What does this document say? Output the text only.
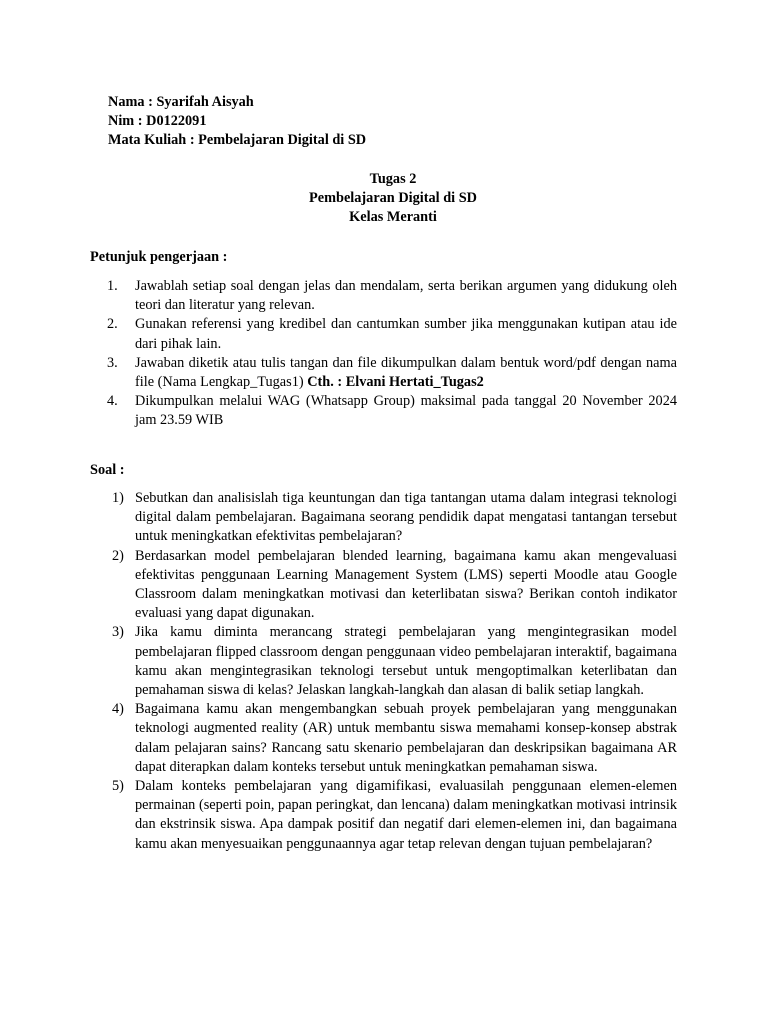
Nama : Syarifah Aisyah
Nim : D0122091
Mata Kuliah : Pembelajaran Digital di SD
Tugas 2
Pembelajaran Digital di SD
Kelas Meranti
Petunjuk pengerjaan :
1. Jawablah setiap soal dengan jelas dan mendalam, serta berikan argumen yang didukung oleh teori dan literatur yang relevan.
2. Gunakan referensi yang kredibel dan cantumkan sumber jika menggunakan kutipan atau ide dari pihak lain.
3. Jawaban diketik atau tulis tangan dan file dikumpulkan dalam bentuk word/pdf dengan nama file (Nama Lengkap_Tugas1) Cth. : Elvani Hertati_Tugas2
4. Dikumpulkan melalui WAG (Whatsapp Group) maksimal pada tanggal 20 November 2024 jam 23.59 WIB
Soal :
1) Sebutkan dan analisislah tiga keuntungan dan tiga tantangan utama dalam integrasi teknologi digital dalam pembelajaran. Bagaimana seorang pendidik dapat mengatasi tantangan tersebut untuk meningkatkan efektivitas pembelajaran?
2) Berdasarkan model pembelajaran blended learning, bagaimana kamu akan mengevaluasi efektivitas penggunaan Learning Management System (LMS) seperti Moodle atau Google Classroom dalam meningkatkan motivasi dan keterlibatan siswa? Berikan contoh indikator evaluasi yang dapat digunakan.
3) Jika kamu diminta merancang strategi pembelajaran yang mengintegrasikan model pembelajaran flipped classroom dengan penggunaan video pembelajaran interaktif, bagaimana kamu akan mengintegrasikan teknologi tersebut untuk mengoptimalkan keterlibatan dan pemahaman siswa di kelas? Jelaskan langkah-langkah dan alasan di balik setiap langkah.
4) Bagaimana kamu akan mengembangkan sebuah proyek pembelajaran yang menggunakan teknologi augmented reality (AR) untuk membantu siswa memahami konsep-konsep abstrak dalam pelajaran sains? Rancang satu skenario pembelajaran dan deskripsikan bagaimana AR dapat diterapkan dalam konteks tersebut untuk meningkatkan pemahaman siswa.
5) Dalam konteks pembelajaran yang digamifikasi, evaluasilah penggunaan elemen-elemen permainan (seperti poin, papan peringkat, dan lencana) dalam meningkatkan motivasi intrinsik dan ekstrinsik siswa. Apa dampak positif dan negatif dari elemen-elemen ini, dan bagaimana kamu akan menyesuaikan penggunaannya agar tetap relevan dengan tujuan pembelajaran?
